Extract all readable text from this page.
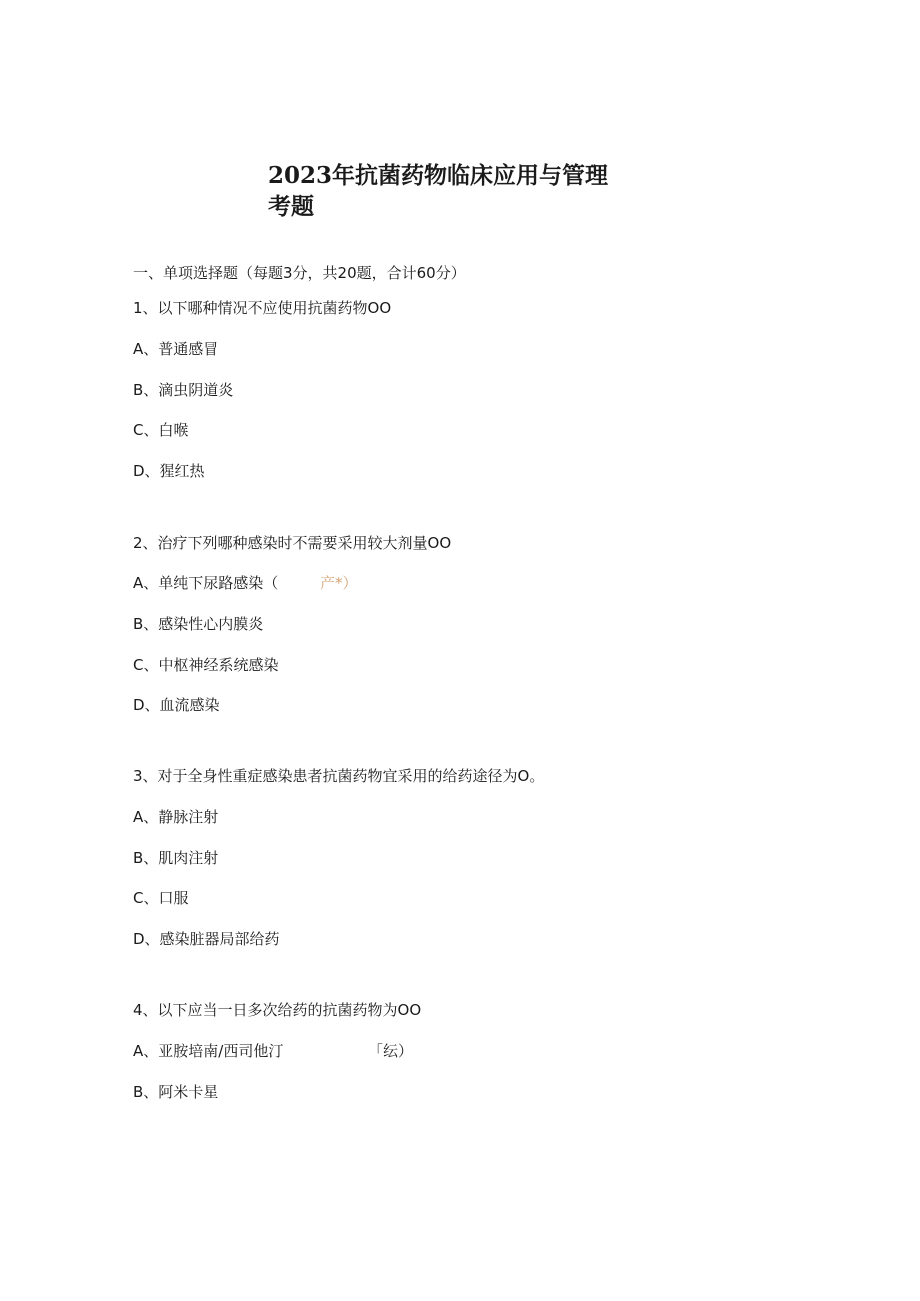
2023年抗菌药物临床应用与管理考题

一、单项选择题（每题3分，共20题，合计60分）

1、以下哪种情况不应使用抗菌药物OO

A、普通感冒

B、滴虫阴道炎

C、白喉

D、猩红热

2、治疗下列哪种感染时不需要采用较大剂量OO

A、单纯下尿路感染（	产*）

B、感染性心内膜炎

C、中枢神经系统感染

D、血流感染

3、对于全身性重症感染患者抗菌药物宜采用的给药途径为O。

A、静脉注射

B、肌肉注射

C、口服

D、感染脏器局部给药

4、以下应当一日多次给药的抗菌药物为OO

A、亚胺培南/西司他汀	「纭）

B、阿米卡星
